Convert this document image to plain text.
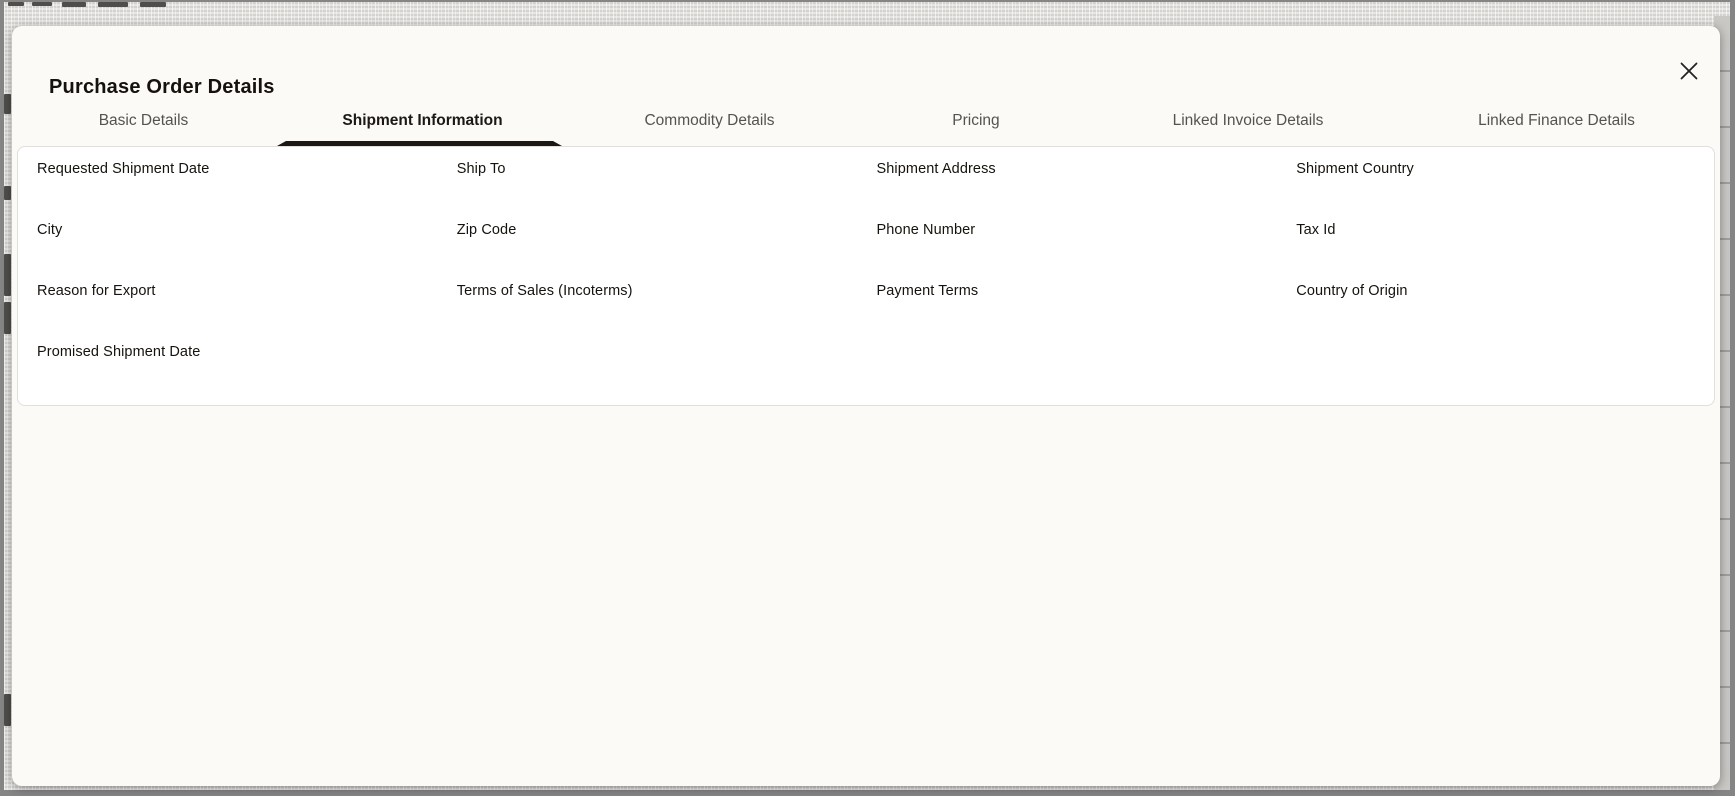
Purchase Order Details
Basic Details	Shipment Information	Commodity Details	Pricing	Linked Invoice Details	Linked Finance Details
Requested Shipment Date	Ship To	Shipment Address	Shipment Country
City	Zip Code	Phone Number	Tax Id
Reason for Export	Terms of Sales (Incoterms)	Payment Terms	Country of Origin
Promised Shipment Date
